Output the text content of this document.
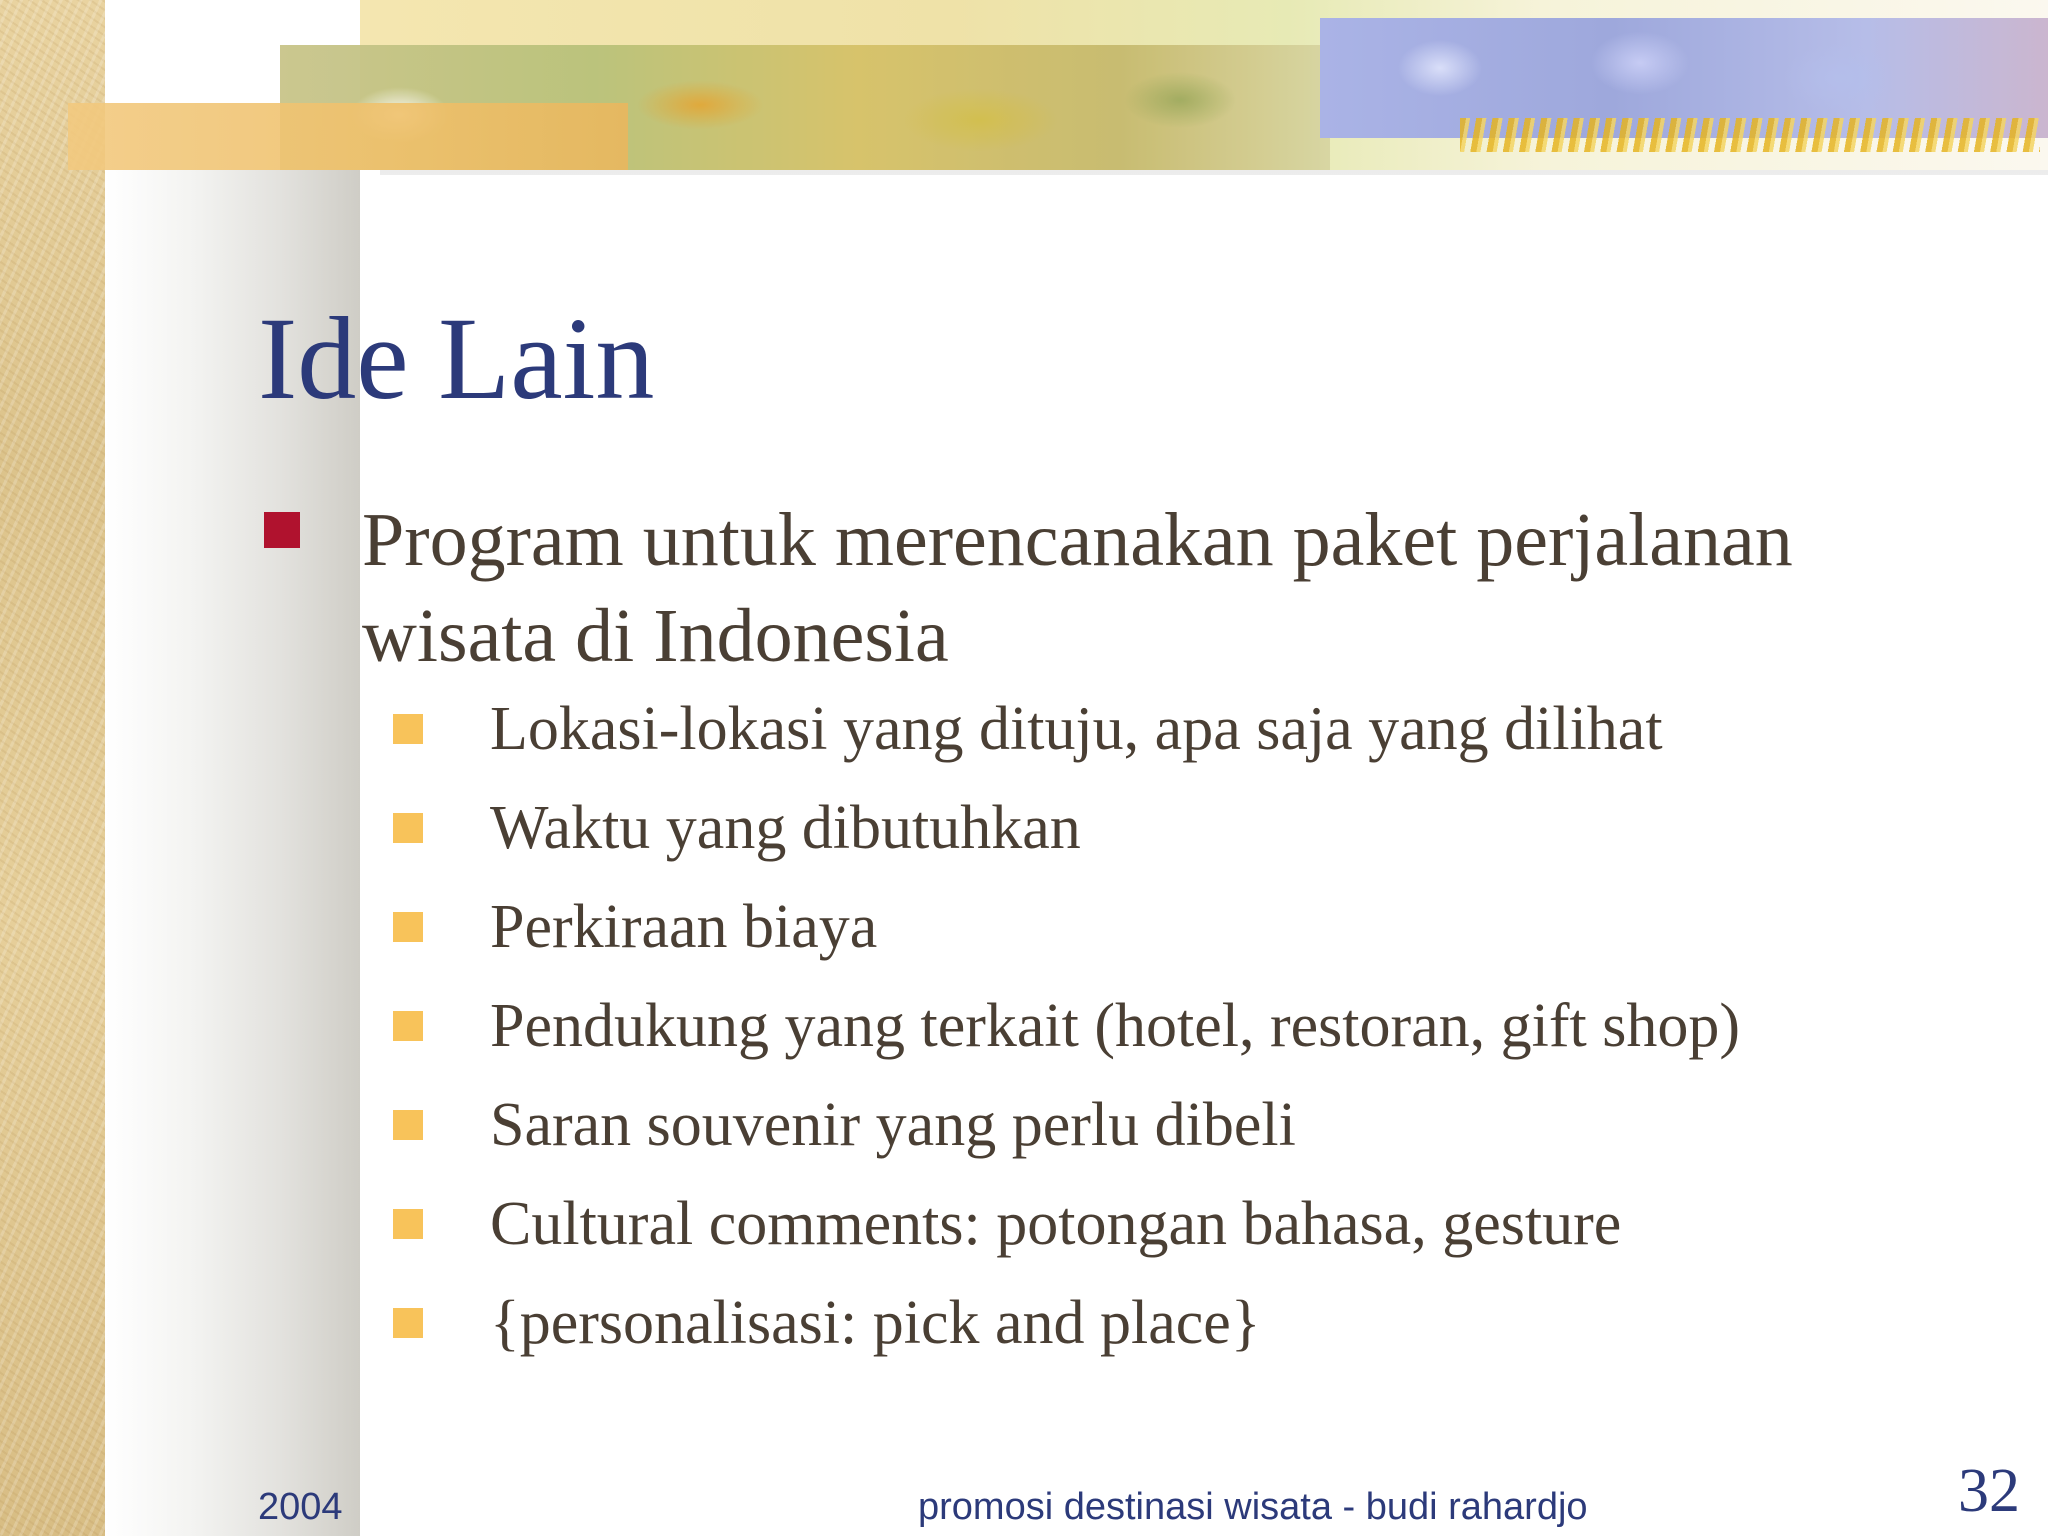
Ide Lain
Program untuk merencanakan paket perjalanan wisata di Indonesia
Lokasi-lokasi yang dituju, apa saja yang dilihat
Waktu yang dibutuhkan
Perkiraan biaya
Pendukung yang terkait (hotel, restoran, gift shop)
Saran souvenir yang perlu dibeli
Cultural comments: potongan bahasa, gesture
{personalisasi: pick and place}
2004	promosi destinasi wisata - budi rahardjo	32
